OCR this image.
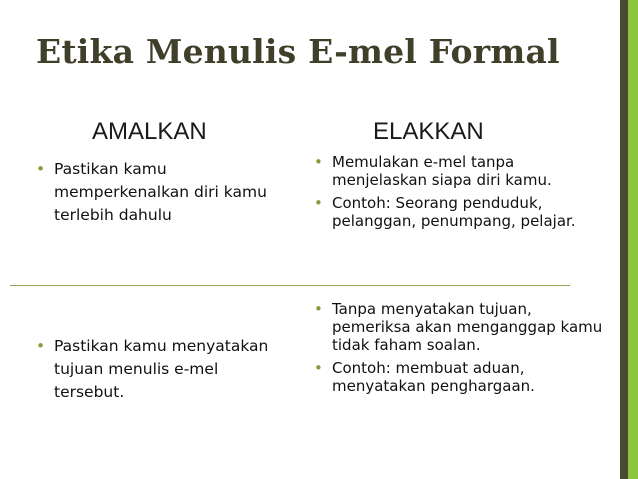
Etika Menulis E-mel Formal
AMALKAN	ELAKKAN
• Pastikan kamu memperkenalkan diri kamu terlebih dahulu
• Memulakan e-mel tanpa menjelaskan siapa diri kamu.
• Contoh: Seorang penduduk, pelanggan, penumpang, pelajar.
• Pastikan kamu menyatakan tujuan menulis e-mel tersebut.
• Tanpa menyatakan tujuan, pemeriksa akan menganggap kamu tidak faham soalan.
• Contoh: membuat aduan, menyatakan penghargaan.
